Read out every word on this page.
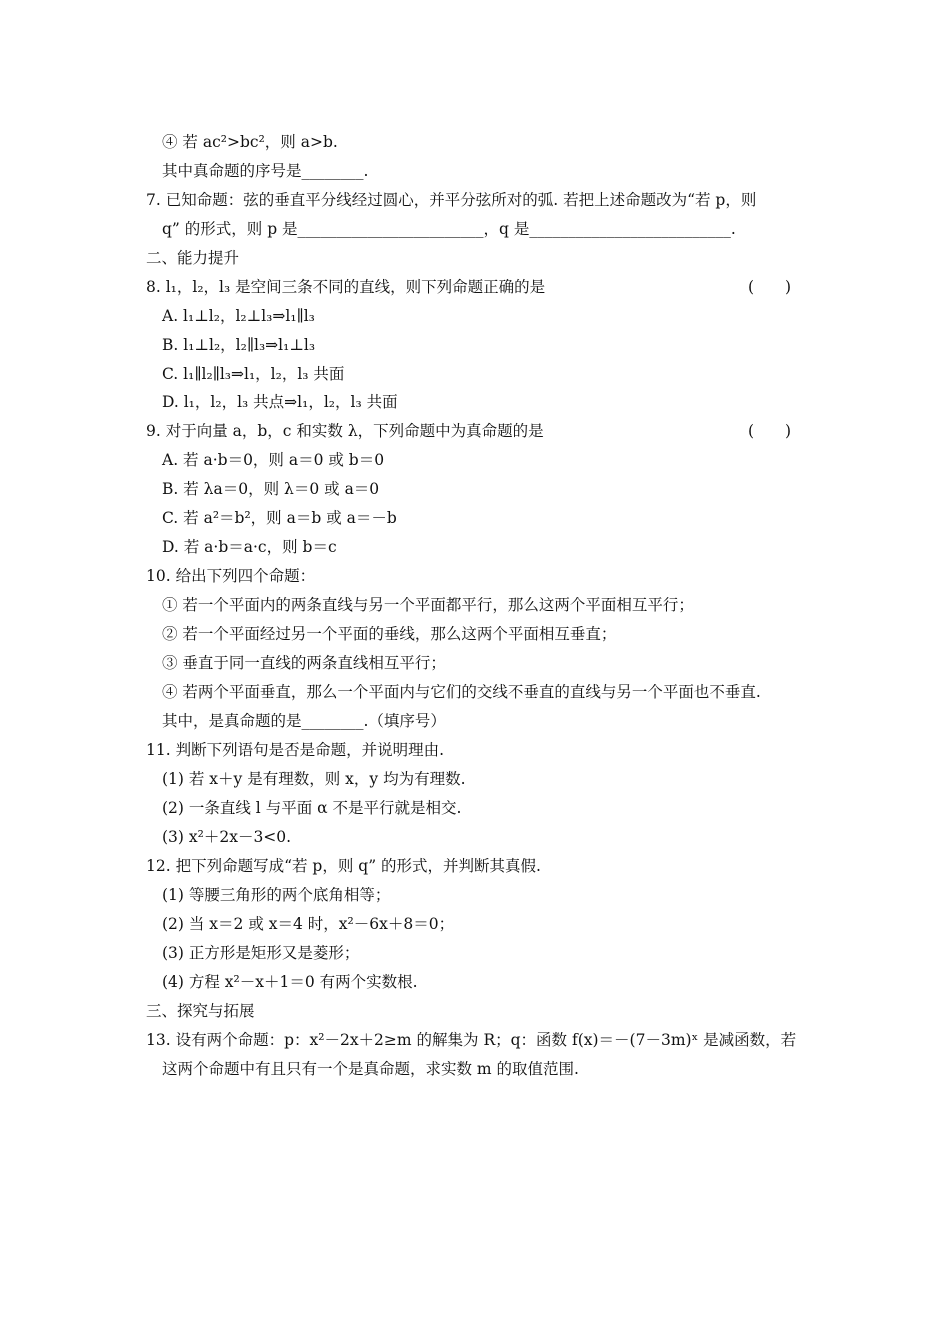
④ 若 ac²>bc²，则 a>b.
其中真命题的序号是________.
7. 已知命题：弦的垂直平分线经过圆心，并平分弦所对的弧. 若把上述命题改为“若 p，则
q” 的形式，则 p 是________________________，q 是__________________________.
二、能力提升
8. l₁，l₂，l₃ 是空间三条不同的直线，则下列命题正确的是	(　　)
A. l₁⊥l₂，l₂⊥l₃⇒l₁∥l₃
B. l₁⊥l₂，l₂∥l₃⇒l₁⊥l₃
C. l₁∥l₂∥l₃⇒l₁，l₂，l₃ 共面
D. l₁，l₂，l₃ 共点⇒l₁，l₂，l₃ 共面
9. 对于向量 a，b，c 和实数 λ，下列命题中为真命题的是	(　　)
A. 若 a·b＝0，则 a＝0 或 b＝0
B. 若 λa＝0，则 λ＝0 或 a＝0
C. 若 a²＝b²，则 a＝b 或 a＝－b
D. 若 a·b＝a·c，则 b＝c
10. 给出下列四个命题：
① 若一个平面内的两条直线与另一个平面都平行，那么这两个平面相互平行；
② 若一个平面经过另一个平面的垂线，那么这两个平面相互垂直；
③ 垂直于同一直线的两条直线相互平行；
④ 若两个平面垂直，那么一个平面内与它们的交线不垂直的直线与另一个平面也不垂直.
其中，是真命题的是________.（填序号）
11. 判断下列语句是否是命题，并说明理由.
(1) 若 x＋y 是有理数，则 x，y 均为有理数.
(2) 一条直线 l 与平面 α 不是平行就是相交.
(3) x²＋2x－3<0.
12. 把下列命题写成“若 p，则 q” 的形式，并判断其真假.
(1) 等腰三角形的两个底角相等；
(2) 当 x＝2 或 x＝4 时，x²－6x＋8＝0；
(3) 正方形是矩形又是菱形；
(4) 方程 x²－x＋1＝0 有两个实数根.
三、探究与拓展
13. 设有两个命题：p：x²－2x＋2≥m 的解集为 R；q：函数 f(x)＝－(7－3m)ˣ 是减函数，若
这两个命题中有且只有一个是真命题，求实数 m 的取值范围.
